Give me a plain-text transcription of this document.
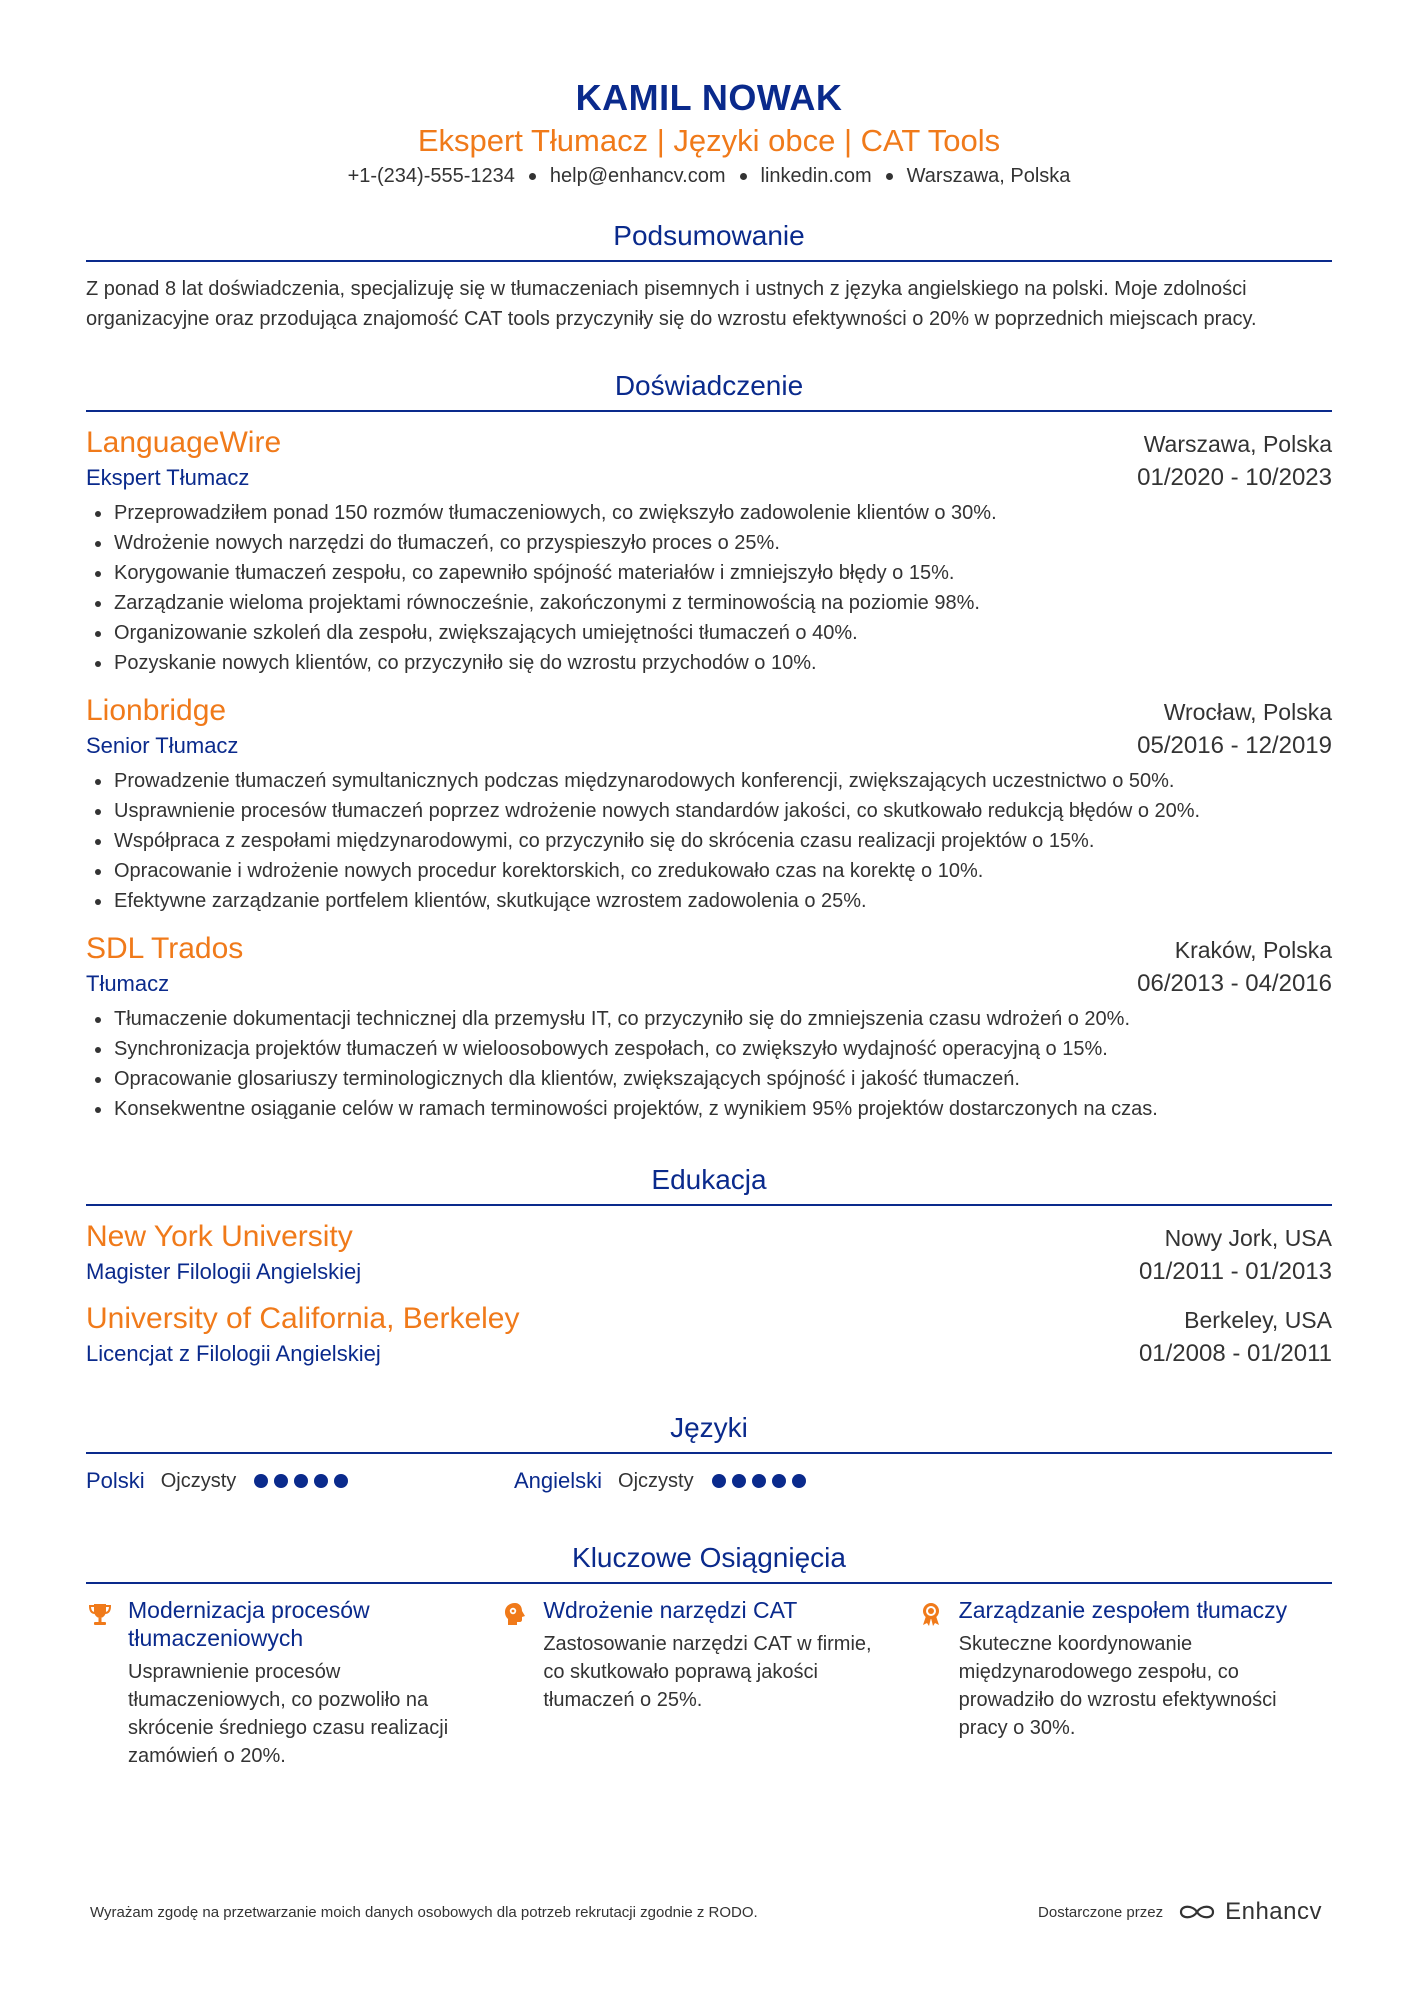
KAMIL NOWAK
Ekspert Tłumacz | Języki obce | CAT Tools
+1-(234)-555-1234 help@enhancv.com linkedin.com Warszawa, Polska
Podsumowanie
Z ponad 8 lat doświadczenia, specjalizuję się w tłumaczeniach pisemnych i ustnych z języka angielskiego na polski. Moje zdolności organizacyjne oraz przodująca znajomość CAT tools przyczyniły się do wzrostu efektywności o 20% w poprzednich miejscach pracy.
Doświadczenie
LanguageWire	Warszawa, Polska
Ekspert Tłumacz	01/2020 - 10/2023
Przeprowadziłem ponad 150 rozmów tłumaczeniowych, co zwiększyło zadowolenie klientów o 30%.
Wdrożenie nowych narzędzi do tłumaczeń, co przyspieszyło proces o 25%.
Korygowanie tłumaczeń zespołu, co zapewniło spójność materiałów i zmniejszyło błędy o 15%.
Zarządzanie wieloma projektami równocześnie, zakończonymi z terminowością na poziomie 98%.
Organizowanie szkoleń dla zespołu, zwiększających umiejętności tłumaczeń o 40%.
Pozyskanie nowych klientów, co przyczyniło się do wzrostu przychodów o 10%.
Lionbridge	Wrocław, Polska
Senior Tłumacz	05/2016 - 12/2019
Prowadzenie tłumaczeń symultanicznych podczas międzynarodowych konferencji, zwiększających uczestnictwo o 50%.
Usprawnienie procesów tłumaczeń poprzez wdrożenie nowych standardów jakości, co skutkowało redukcją błędów o 20%.
Współpraca z zespołami międzynarodowymi, co przyczyniło się do skrócenia czasu realizacji projektów o 15%.
Opracowanie i wdrożenie nowych procedur korektorskich, co zredukowało czas na korektę o 10%.
Efektywne zarządzanie portfelem klientów, skutkujące wzrostem zadowolenia o 25%.
SDL Trados	Kraków, Polska
Tłumacz	06/2013 - 04/2016
Tłumaczenie dokumentacji technicznej dla przemysłu IT, co przyczyniło się do zmniejszenia czasu wdrożeń o 20%.
Synchronizacja projektów tłumaczeń w wieloosobowych zespołach, co zwiększyło wydajność operacyjną o 15%.
Opracowanie glosariuszy terminologicznych dla klientów, zwiększających spójność i jakość tłumaczeń.
Konsekwentne osiąganie celów w ramach terminowości projektów, z wynikiem 95% projektów dostarczonych na czas.
Edukacja
New York University	Nowy Jork, USA
Magister Filologii Angielskiej	01/2011 - 01/2013
University of California, Berkeley	Berkeley, USA
Licencjat z Filologii Angielskiej	01/2008 - 01/2011
Języki
Polski Ojczysty	Angielski Ojczysty
Kluczowe Osiągnięcia
Modernizacja procesów tłumaczeniowych
Usprawnienie procesów tłumaczeniowych, co pozwoliło na skrócenie średniego czasu realizacji zamówień o 20%.
Wdrożenie narzędzi CAT
Zastosowanie narzędzi CAT w firmie, co skutkowało poprawą jakości tłumaczeń o 25%.
Zarządzanie zespołem tłumaczy
Skuteczne koordynowanie międzynarodowego zespołu, co prowadziło do wzrostu efektywności pracy o 30%.
Wyrażam zgodę na przetwarzanie moich danych osobowych dla potrzeb rekrutacji zgodnie z RODO.	Dostarczone przez	Enhancv
